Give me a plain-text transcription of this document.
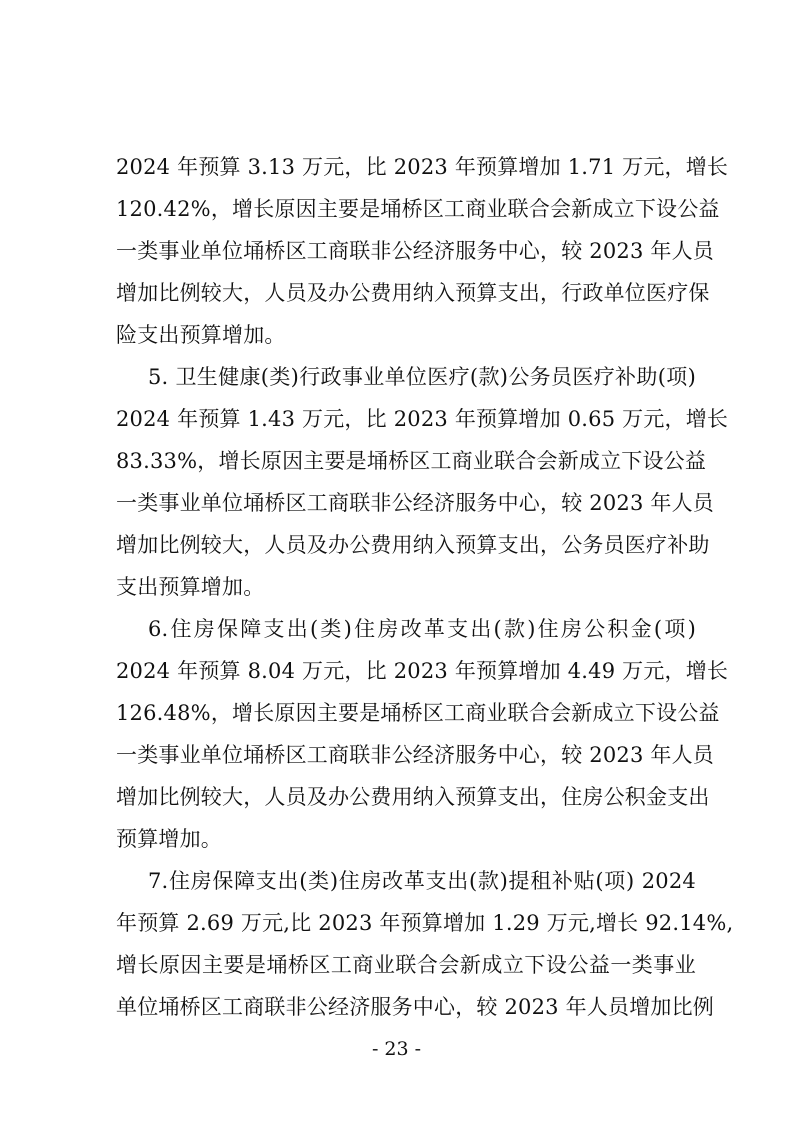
2024 年预算 3.13 万元，比 2023 年预算增加 1.71 万元，增长
120.42%，增长原因主要是埇桥区工商业联合会新成立下设公益
一类事业单位埇桥区工商联非公经济服务中心，较 2023 年人员
增加比例较大，人员及办公费用纳入预算支出，行政单位医疗保
险支出预算增加。
5. 卫生健康(类)行政事业单位医疗(款)公务员医疗补助(项)
2024 年预算 1.43 万元，比 2023 年预算增加 0.65 万元，增长
83.33%，增长原因主要是埇桥区工商业联合会新成立下设公益
一类事业单位埇桥区工商联非公经济服务中心，较 2023 年人员
增加比例较大，人员及办公费用纳入预算支出，公务员医疗补助
支出预算增加。
6.住房保障支出(类)住房改革支出(款)住房公积金(项)
2024 年预算 8.04 万元，比 2023 年预算增加 4.49 万元，增长
126.48%，增长原因主要是埇桥区工商业联合会新成立下设公益
一类事业单位埇桥区工商联非公经济服务中心，较 2023 年人员
增加比例较大，人员及办公费用纳入预算支出，住房公积金支出
预算增加。
7.住房保障支出(类)住房改革支出(款)提租补贴(项) 2024
年预算 2.69 万元,比 2023 年预算增加 1.29 万元,增长 92.14%,
增长原因主要是埇桥区工商业联合会新成立下设公益一类事业
单位埇桥区工商联非公经济服务中心，较 2023 年人员增加比例
- 23 -
